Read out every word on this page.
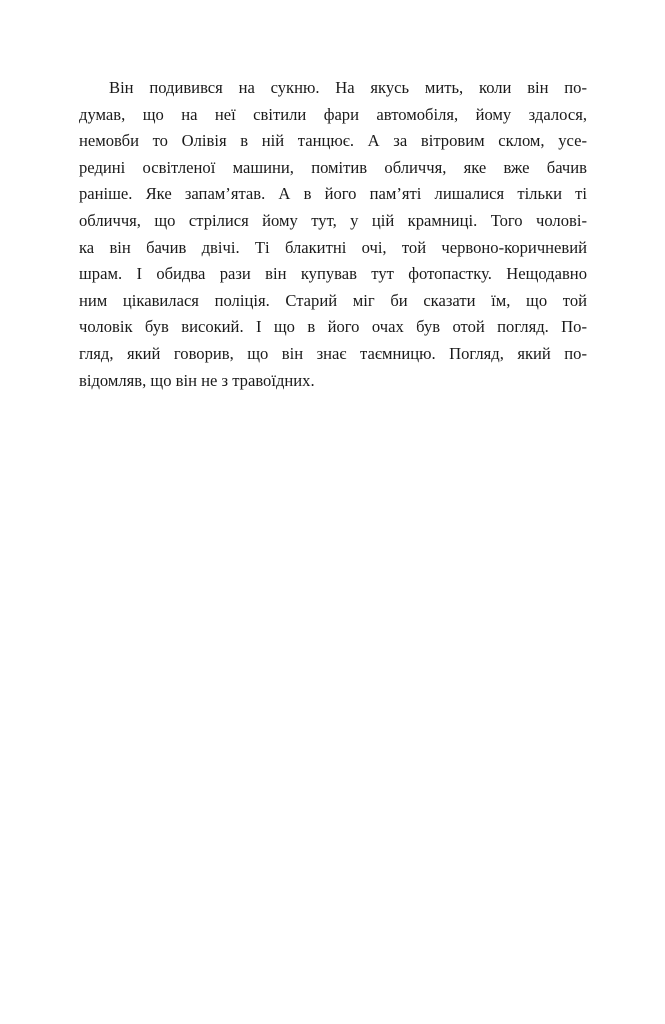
Він подивився на сукню. На якусь мить, коли він по-
думав, що на неї світили фари автомобіля, йому здалося,
немовби то Олівія в ній танцює. А за вітровим склом, усе-
редині освітленої машини, помітив обличчя, яке вже бачив
раніше. Яке запам’ятав. А в його пам’яті лишалися тільки ті
обличчя, що стрілися йому тут, у цій крамниці. Того чолові-
ка він бачив двічі. Ті блакитні очі, той червоно-коричневий
шрам. І обидва рази він купував тут фотопастку. Нещодавно
ним цікавилася поліція. Старий міг би сказати їм, що той
чоловік був високий. І що в його очах був отой погляд. По-
гляд, який говорив, що він знає таємницю. Погляд, який по-
відомляв, що він не з травоїдних.
